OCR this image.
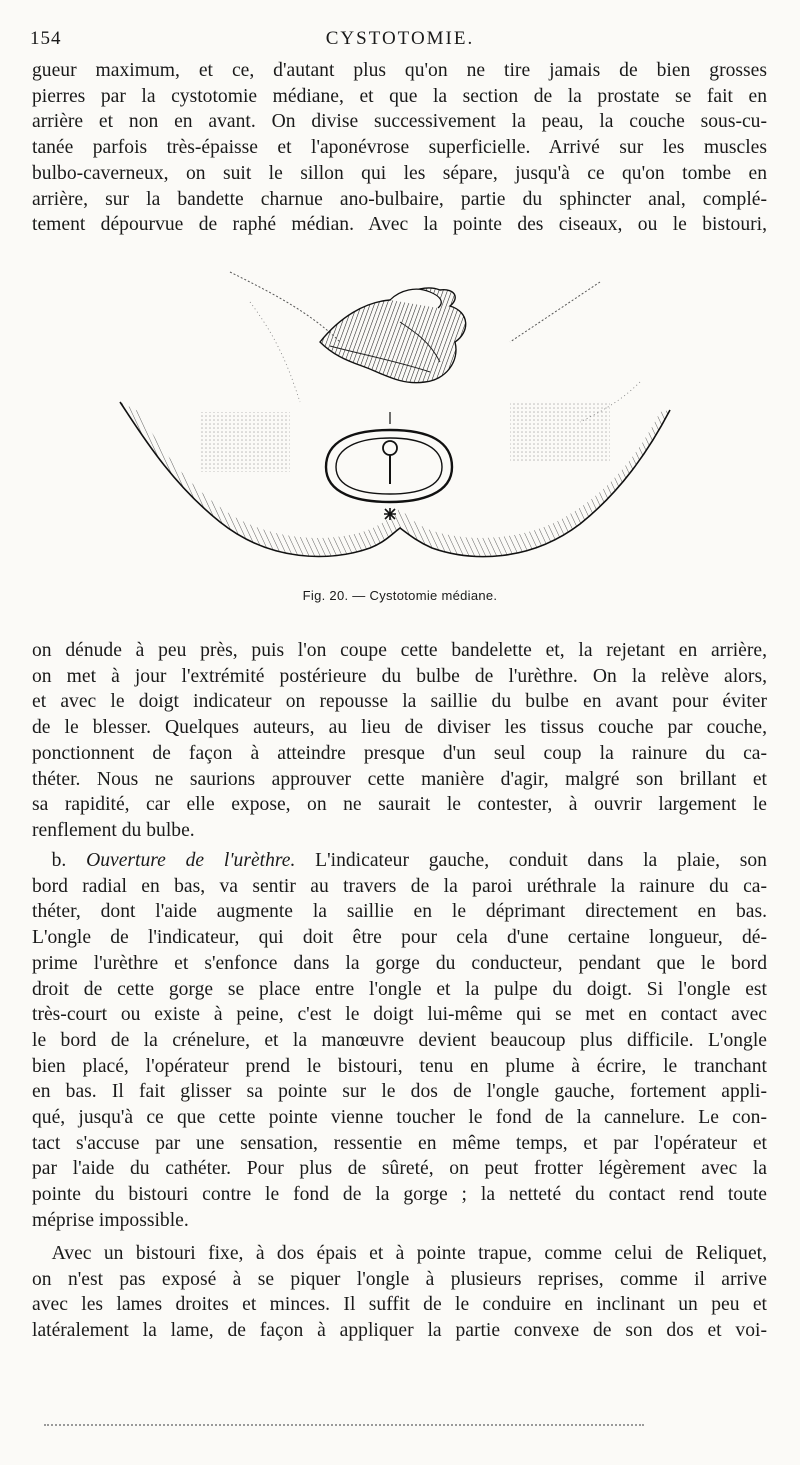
154	CYSTOTOMIE.
gueur maximum, et ce, d'autant plus qu'on ne tire jamais de bien grosses
pierres par la cystotomie médiane, et que la section de la prostate se fait en
arrière et non en avant. On divise successivement la peau, la couche sous-cu-
tanée parfois très-épaisse et l'aponévrose superficielle. Arrivé sur les muscles
bulbo-caverneux, on suit le sillon qui les sépare, jusqu'à ce qu'on tombe en
arrière, sur la bandette charnue ano-bulbaire, partie du sphincter anal, complé-
tement dépourvue de raphé médian. Avec la pointe des ciseaux, ou le bistouri,
Fig. 20. — Cystotomie médiane.
on dénude à peu près, puis l'on coupe cette bandelette et, la rejetant en arrière,
on met à jour l'extrémité postérieure du bulbe de l'urèthre. On la relève alors,
et avec le doigt indicateur on repousse la saillie du bulbe en avant pour éviter
de le blesser. Quelques auteurs, au lieu de diviser les tissus couche par couche,
ponctionnent de façon à atteindre presque d'un seul coup la rainure du ca-
théter. Nous ne saurions approuver cette manière d'agir, malgré son brillant et
sa rapidité, car elle expose, on ne saurait le contester, à ouvrir largement le
renflement du bulbe.
 b. Ouverture de l'urèthre. L'indicateur gauche, conduit dans la plaie, son
bord radial en bas, va sentir au travers de la paroi uréthrale la rainure du ca-
théter, dont l'aide augmente la saillie en le déprimant directement en bas.
L'ongle de l'indicateur, qui doit être pour cela d'une certaine longueur, dé-
prime l'urèthre et s'enfonce dans la gorge du conducteur, pendant que le bord
droit de cette gorge se place entre l'ongle et la pulpe du doigt. Si l'ongle est
très-court ou existe à peine, c'est le doigt lui-même qui se met en contact avec
le bord de la crénelure, et la manœuvre devient beaucoup plus difficile. L'ongle
bien placé, l'opérateur prend le bistouri, tenu en plume à écrire, le tranchant
en bas. Il fait glisser sa pointe sur le dos de l'ongle gauche, fortement appli-
qué, jusqu'à ce que cette pointe vienne toucher le fond de la cannelure. Le con-
tact s'accuse par une sensation, ressentie en même temps, et par l'opérateur et
par l'aide du cathéter. Pour plus de sûreté, on peut frotter légèrement avec la
pointe du bistouri contre le fond de la gorge ; la netteté du contact rend toute
méprise impossible.
 Avec un bistouri fixe, à dos épais et à pointe trapue, comme celui de Reliquet,
on n'est pas exposé à se piquer l'ongle à plusieurs reprises, comme il arrive
avec les lames droites et minces. Il suffit de le conduire en inclinant un peu et
latéralement la lame, de façon à appliquer la partie convexe de son dos et voi-
